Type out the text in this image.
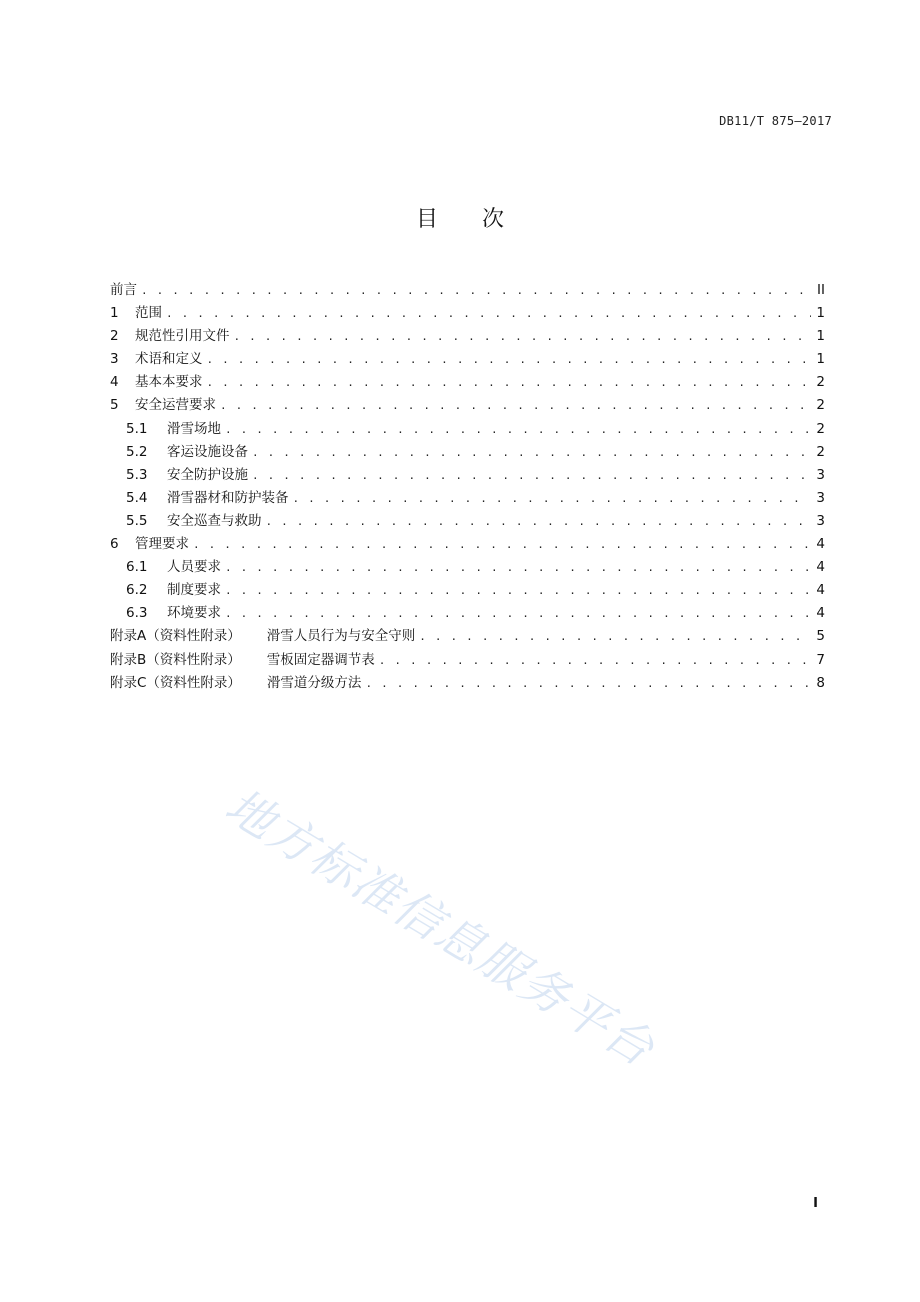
DB11/T 875—2017
目次
前言 . . .	II
1	范围 . . .	1
2	规范性引用文件 . . .	1
3	术语和定义 . . .	1
4	基本本要求 . . .	2
5	安全运营要求 . . .	2
5.1	滑雪场地 . . .	2
5.2	客运设施设备 . . .	2
5.3	安全防护设施 . . .	3
5.4	滑雪器材和防护装备 . . .	3
5.5	安全巡查与救助 . . .	3
6	管理要求 . . .	4
6.1	人员要求 . . .	4
6.2	制度要求 . . .	4
6.3	环境要求 . . .	4
附录A（资料性附录）	滑雪人员行为与安全守则 . . .	5
附录B（资料性附录）	雪板固定器调节表 . . .	7
附录C（资料性附录）	滑雪道分级方法 . . .	8
地方标准信息服务平台
I
